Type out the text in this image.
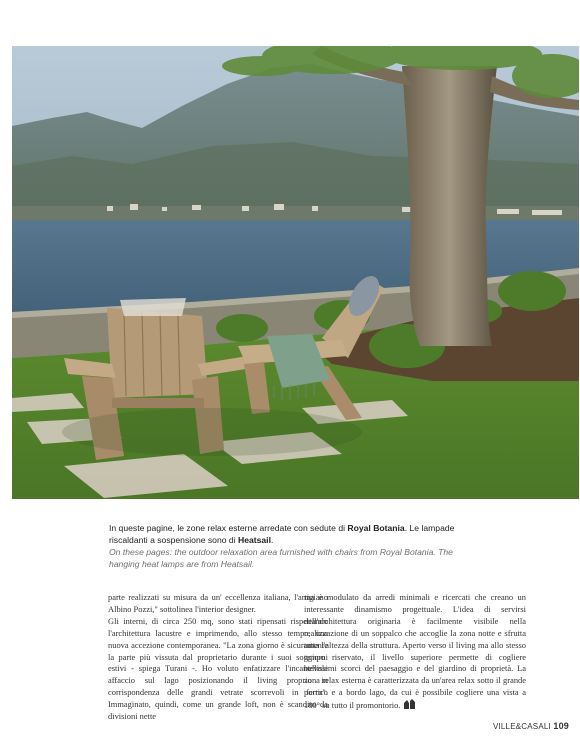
In queste pagine, le zone relax esterne arredate con sedute di Royal Botania. Le lampade riscaldanti a sospensione sono di Heatsail.
On these pages: the outdoor relaxation area furnished with chairs from Royal Botania. The hanging heat lamps are from Heatsail.
parte realizzati su misura da un' eccellenza italiana, l'artigiano Albino Pozzi," sottolinea l'interior designer.
Gli interni, di circa 250 mq, sono stati ripensati rispettando l'architettura lacustre e imprimendo, allo stesso tempo, una nuova accezione contemporanea. "La zona giorno è sicuramente la parte più vissuta dal proprietario durante i suoi soggiorni estivi - spiega Turani -. Ho voluto enfatizzare l'incantevole affaccio sul lago posizionando il living proprio in corrispondenza delle grandi vetrate scorrevoli in ferro". Immaginato, quindi, come un grande loft, non è scandito da divisioni nette
ma è modulato da arredi minimali e ricercati che creano un interessante dinamismo progettuale. L'idea di servirsi dell'architettura originaria è facilmente visibile nella realizzazione di un soppalco che accoglie la zona notte e sfrutta tutta l'altezza della struttura. Aperto verso il living ma allo stesso tempo riservato, il livello superiore permette di cogliere bellissimi scorci del paesaggio e del giardino di proprietà. La zona relax esterna è caratterizzata da un'area relax sotto il grande portico e a bordo lago, da cui è possibile cogliere una vista a 180° su tutto il promontorio.
VILLE&CASALI 109
